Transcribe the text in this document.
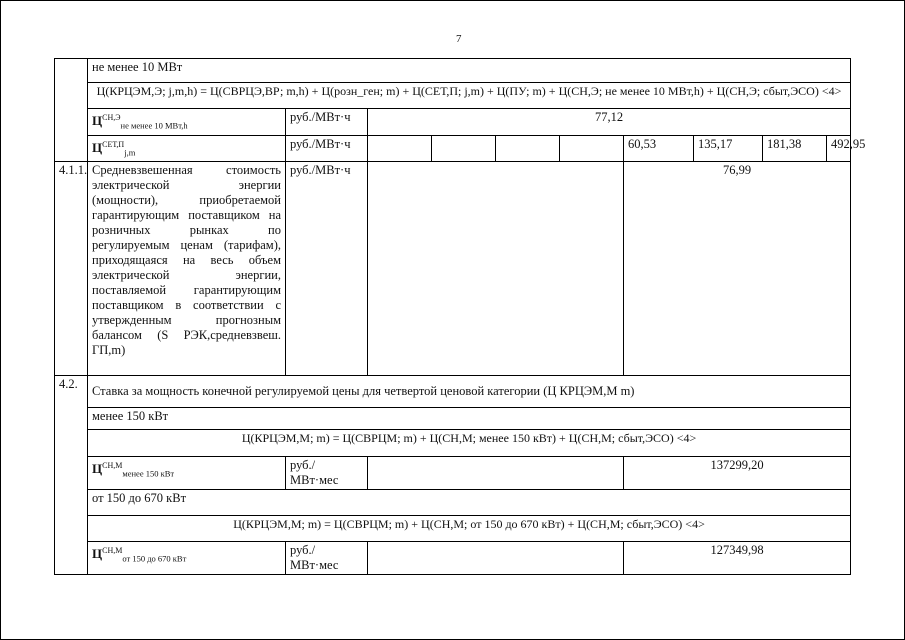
7
	не менее 10 МВт									
	Ц(КРЦЭМ,Э; j,m,h) = Ц(СВРЦЭ,ВР; m,h) + Ц(розн_ген; m) + Ц(СЕТ,П; j,m) + Ц(ПУ; m) + Ц(СН,Э; не менее 10 МВт,h) + Ц(СН,Э; сбыт,ЭСО) <4>									
	$Ц^{СН,Э}_{не менее 10 МВт,h}$	руб./МВт·ч	77,12							
	$Ц^{СЕТ,П}_{j,m}$	руб./МВт·ч					60,53	135,17	181,38	492,95
4.1.1.	Средневзвешенная стоимость электрической энергии (мощности), приобретаемой гарантирующим поставщиком на розничных рынках по регулируемым ценам (тарифам), приходящаяся на весь объем электрической энергии, поставляемой гарантирующим поставщиком в соответствии с утвержденным прогнозным балансом (S РЭК,средневзвеш. ГП,m)	руб./МВт·ч					76,99			
4.2.	Ставка за мощность конечной регулируемой цены для четвертой ценовой категории (Ц КРЦЭМ,М m)									
	менее 150 кВт									
	Ц(КРЦЭМ,М; m) = Ц(СВРЦМ; m) + Ц(СН,М; менее 150 кВт) + Ц(СН,М; сбыт,ЭСО) <4>									
	$Ц^{СН,М}_{менее 150 кВт}$	руб./ МВт·мес					137299,20			
	от 150 до 670 кВт									
	Ц(КРЦЭМ,М; m) = Ц(СВРЦМ; m) + Ц(СН,М; от 150 до 670 кВт) + Ц(СН,М; сбыт,ЭСО) <4>									
	$Ц^{СН,М}_{от 150 до 670 кВт}$	руб./ МВт·мес					127349,98			
